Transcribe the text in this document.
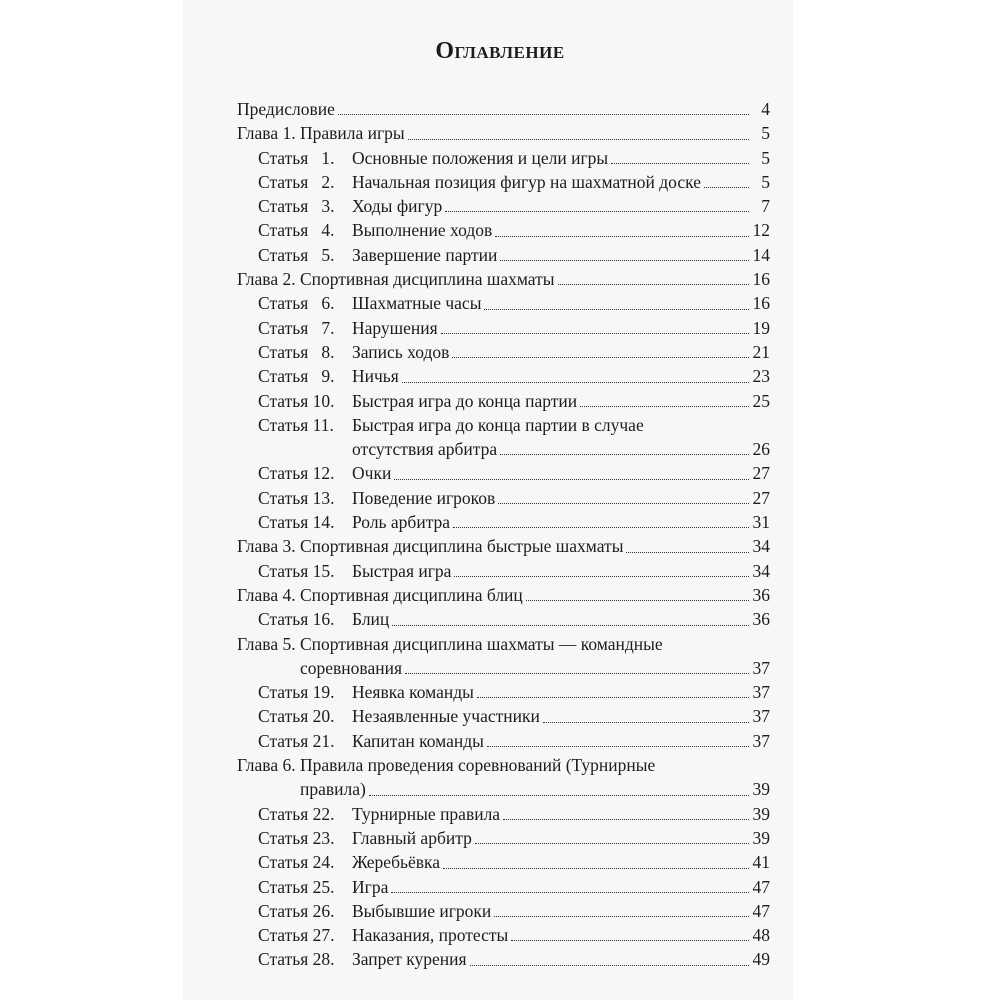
Оглавление
Предисловие	4
Глава 1. Правила игры	5
Статья   1. Основные положения и цели игры	5
Статья   2. Начальная позиция фигур на шахматной доске	5
Статья   3. Ходы фигур	7
Статья   4. Выполнение ходов	12
Статья   5. Завершение партии	14
Глава 2. Спортивная дисциплина шахматы	16
Статья   6. Шахматные часы	16
Статья   7. Нарушения	19
Статья   8. Запись ходов	21
Статья   9. Ничья	23
Статья 10. Быстрая игра до конца партии	25
Статья 11.	Быстрая игра до конца партии в случае
отсутствия арбитра	26
Статья 12. Очки	27
Статья 13. Поведение игроков	27
Статья 14. Роль арбитра	31
Глава 3. Спортивная дисциплина быстрые шахматы	34
Статья 15. Быстрая игра	34
Глава 4. Спортивная дисциплина блиц	36
Статья 16. Блиц	36
Глава 5. Спортивная дисциплина шахматы — командные
соревнования	37
Статья 19. Неявка команды	37
Статья 20. Незаявленные участники	37
Статья 21. Капитан команды	37
Глава 6. Правила проведения соревнований (Турнирные
правила)	39
Статья 22. Турнирные правила	39
Статья 23. Главный арбитр	39
Статья 24. Жеребьёвка	41
Статья 25. Игра	47
Статья 26. Выбывшие игроки	47
Статья 27. Наказания, протесты	48
Статья 28. Запрет курения	49
